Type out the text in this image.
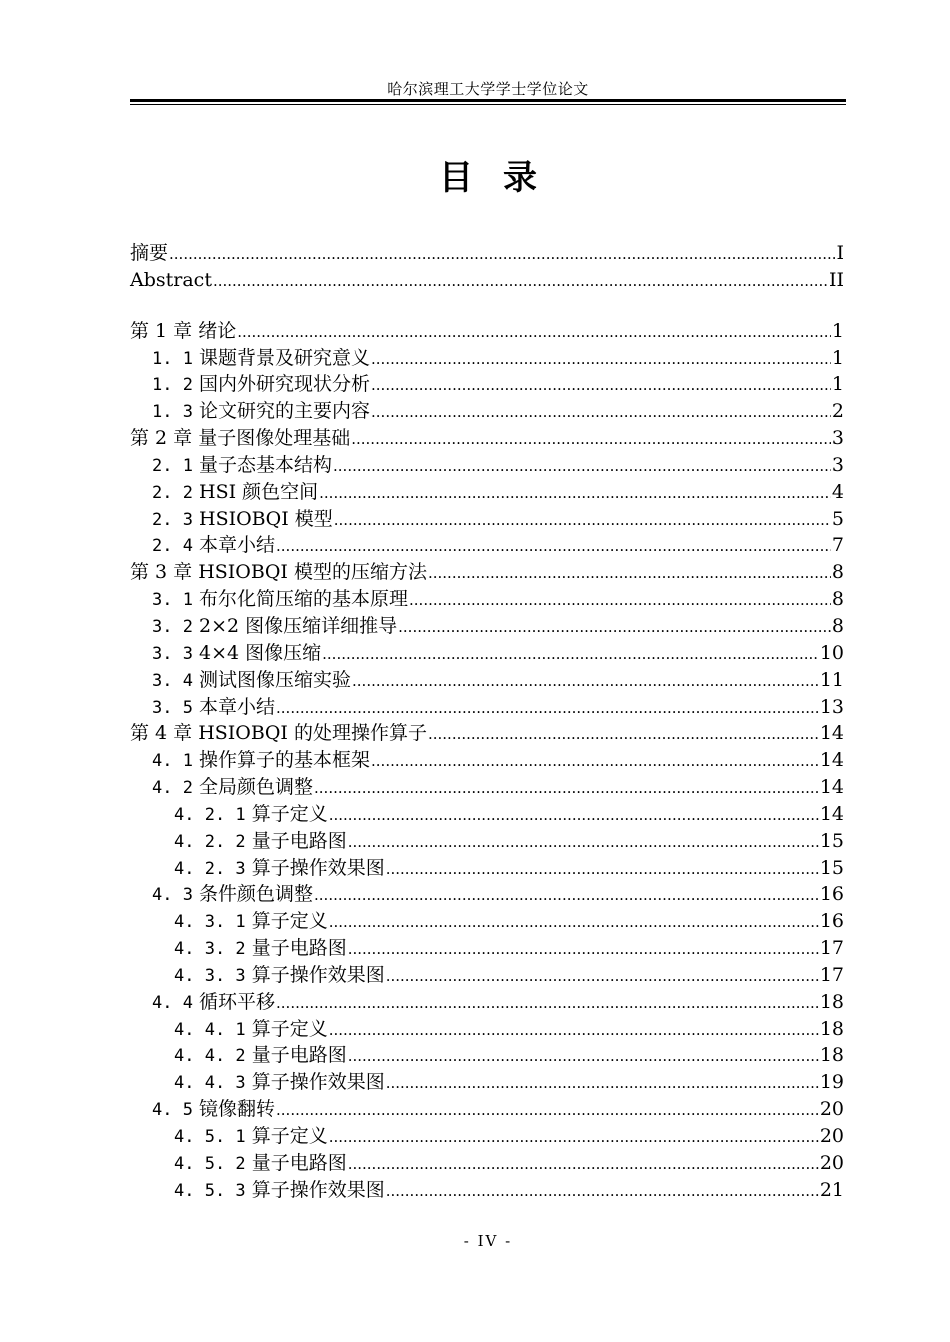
哈尔滨理工大学学士学位论文
目录
摘要 .....	I
Abstract .....	II
第 1 章 绪论 .....	1
1. 1 课题背景及研究意义 .....	1
1. 2 国内外研究现状分析 .....	1
1. 3 论文研究的主要内容 .....	2
第 2 章 量子图像处理基础 .....	3
2. 1 量子态基本结构 .....	3
2. 2 HSI 颜色空间 .....	4
2. 3 HSIOBQI 模型 .....	5
2. 4 本章小结 .....	7
第 3 章 HSIOBQI 模型的压缩方法 .....	8
3. 1 布尔化简压缩的基本原理 .....	8
3. 2 2×2 图像压缩详细推导 .....	8
3. 3 4×4 图像压缩 .....	10
3. 4 测试图像压缩实验 .....	11
3. 5 本章小结 .....	13
第 4 章 HSIOBQI 的处理操作算子 .....	14
4. 1 操作算子的基本框架 .....	14
4. 2 全局颜色调整 .....	14
4. 2. 1 算子定义 .....	14
4. 2. 2 量子电路图 .....	15
4. 2. 3 算子操作效果图 .....	15
4. 3 条件颜色调整 .....	16
4. 3. 1 算子定义 .....	16
4. 3. 2 量子电路图 .....	17
4. 3. 3 算子操作效果图 .....	17
4. 4 循环平移 .....	18
4. 4. 1 算子定义 .....	18
4. 4. 2 量子电路图 .....	18
4. 4. 3 算子操作效果图 .....	19
4. 5 镜像翻转 .....	20
4. 5. 1 算子定义 .....	20
4. 5. 2 量子电路图 .....	20
4. 5. 3 算子操作效果图 .....	21
- IV -
